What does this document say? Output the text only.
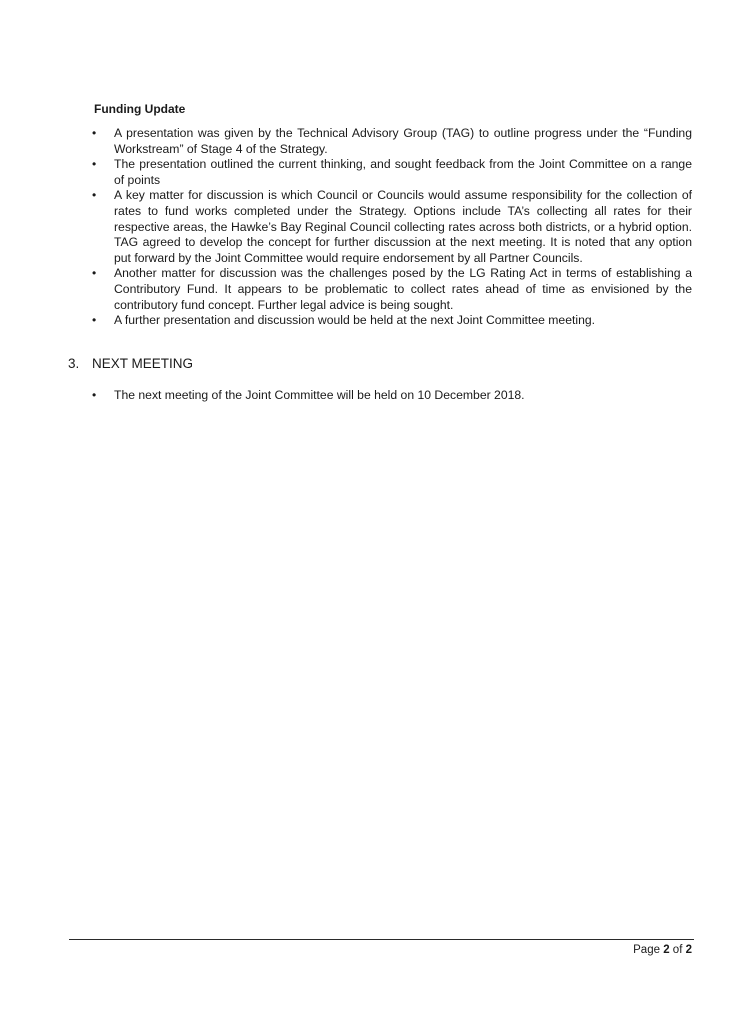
Funding Update

•	A presentation was given by the Technical Advisory Group (TAG) to outline progress under the “Funding Workstream” of Stage 4 of the Strategy.
•	The presentation outlined the current thinking, and sought feedback from the Joint Committee on a range of points
•	A key matter for discussion is which Council or Councils would assume responsibility for the collection of rates to fund works completed under the Strategy. Options include TA’s collecting all rates for their respective areas, the Hawke’s Bay Reginal Council collecting rates across both districts, or a hybrid option. TAG agreed to develop the concept for further discussion at the next meeting. It is noted that any option put forward by the Joint Committee would require endorsement by all Partner Councils.
•	Another matter for discussion was the challenges posed by the LG Rating Act in terms of establishing a Contributory Fund. It appears to be problematic to collect rates ahead of time as envisioned by the contributory fund concept. Further legal advice is being sought.
•	A further presentation and discussion would be held at the next Joint Committee meeting.
3. NEXT MEETING
•	The next meeting of the Joint Committee will be held on 10 December 2018.

Page 2 of 2
